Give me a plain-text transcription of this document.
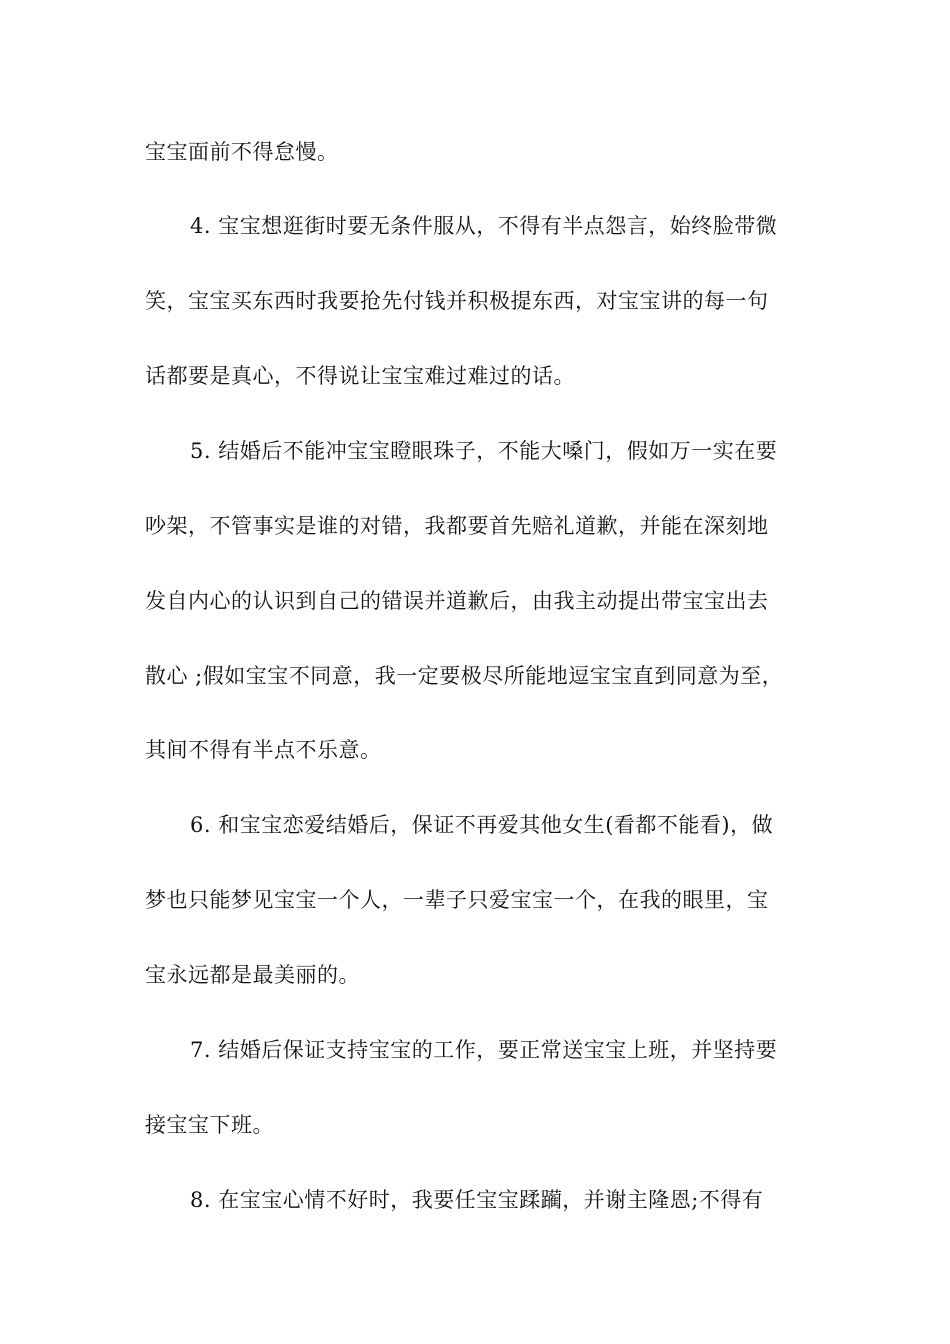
宝宝面前不得怠慢。
4. 宝宝想逛街时要无条件服从，不得有半点怨言，始终脸带微
笑，宝宝买东西时我要抢先付钱并积极提东西，对宝宝讲的每一句
话都要是真心，不得说让宝宝难过难过的话。
5. 结婚后不能冲宝宝瞪眼珠子，不能大嗓门，假如万一实在要
吵架，不管事实是谁的对错，我都要首先赔礼道歉，并能在深刻地
发自内心的认识到自己的错误并道歉后，由我主动提出带宝宝出去
散心 ;假如宝宝不同意，我一定要极尽所能地逗宝宝直到同意为至，
其间不得有半点不乐意。
6. 和宝宝恋爱结婚后，保证不再爱其他女生(看都不能看)，做
梦也只能梦见宝宝一个人，一辈子只爱宝宝一个，在我的眼里，宝
宝永远都是最美丽的。
7. 结婚后保证支持宝宝的工作，要正常送宝宝上班，并坚持要
接宝宝下班。
8. 在宝宝心情不好时，我要任宝宝蹂躏，并谢主隆恩;不得有
